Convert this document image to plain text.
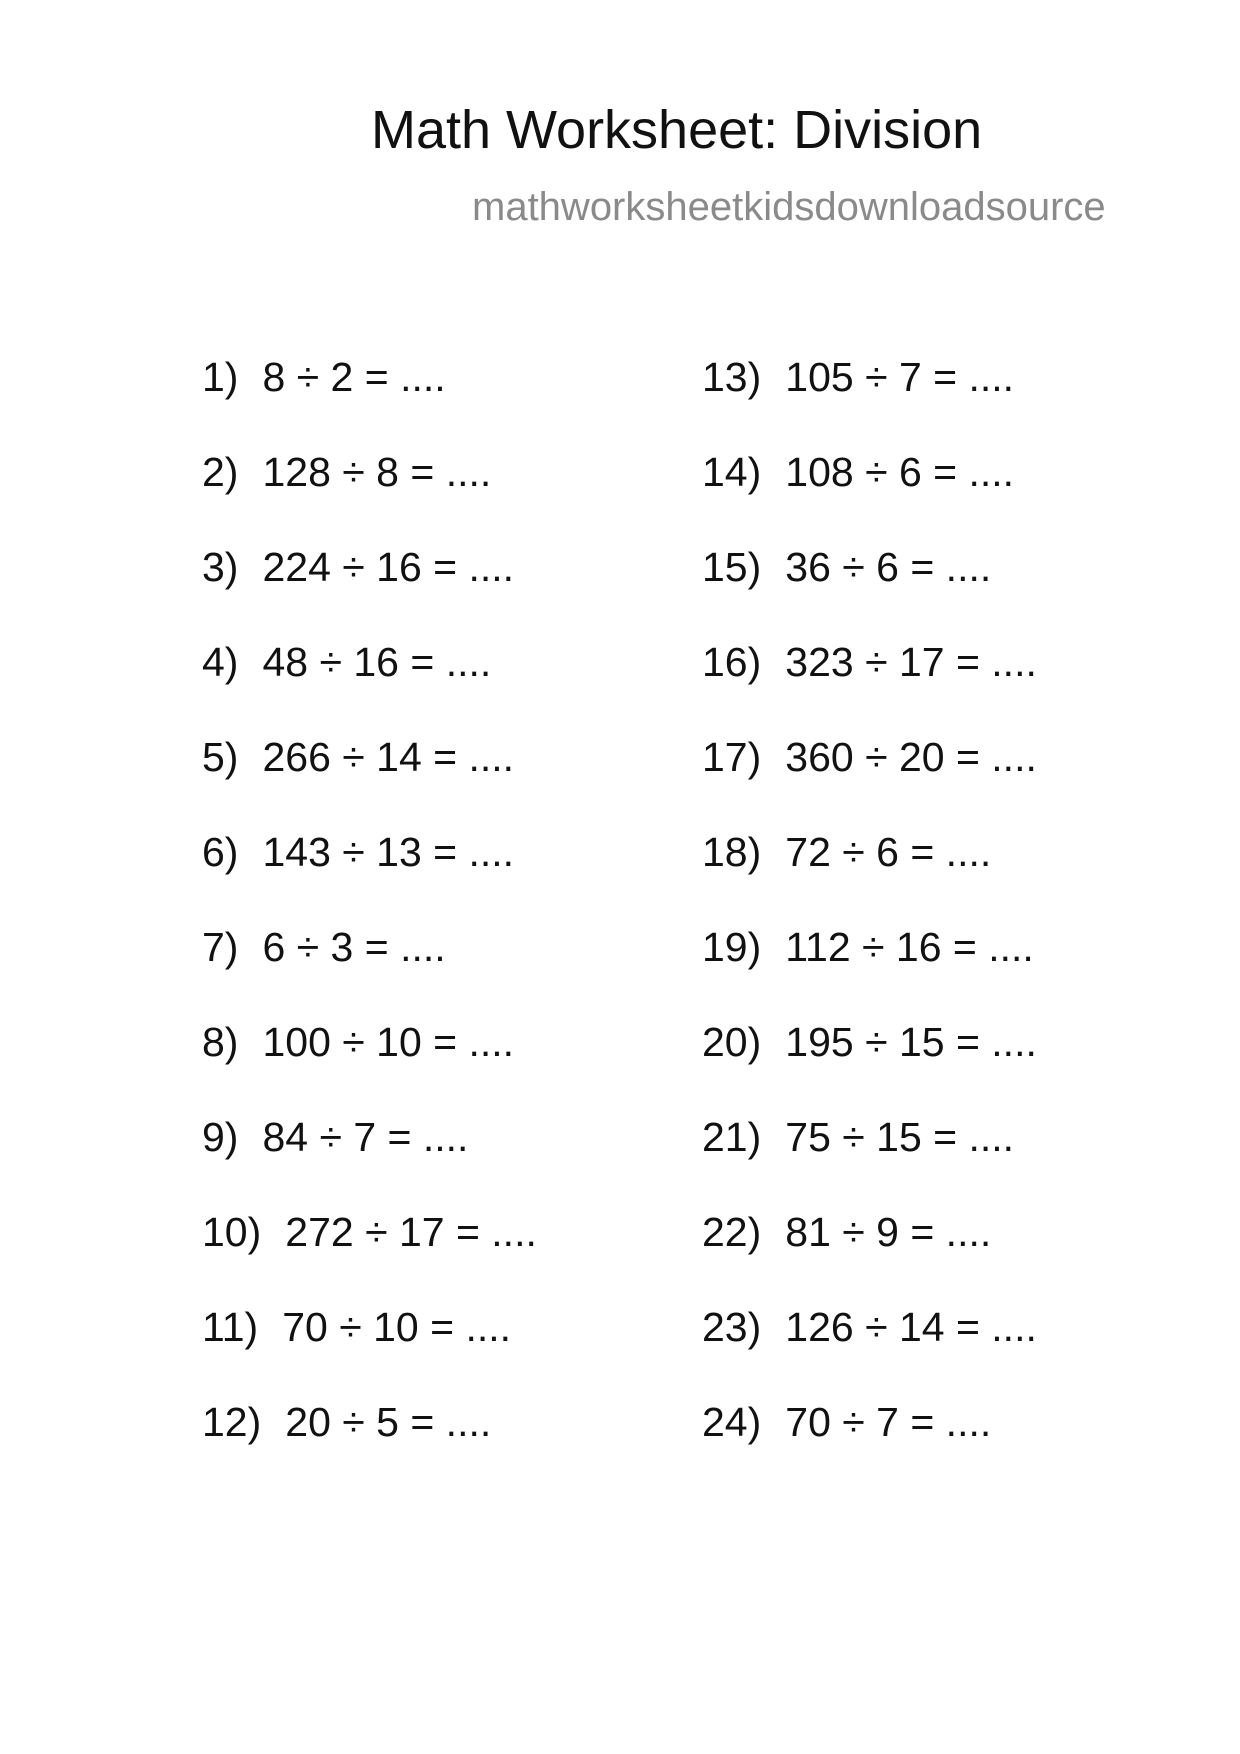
Math Worksheet: Division
mathworksheetkidsdownloadsource
1) 8 ÷ 2 = ....
2) 128 ÷ 8 = ....
3) 224 ÷ 16 = ....
4) 48 ÷ 16 = ....
5) 266 ÷ 14 = ....
6) 143 ÷ 13 = ....
7) 6 ÷ 3 = ....
8) 100 ÷ 10 = ....
9) 84 ÷ 7 = ....
10) 272 ÷ 17 = ....
11) 70 ÷ 10 = ....
12) 20 ÷ 5 = ....
13) 105 ÷ 7 = ....
14) 108 ÷ 6 = ....
15) 36 ÷ 6 = ....
16) 323 ÷ 17 = ....
17) 360 ÷ 20 = ....
18) 72 ÷ 6 = ....
19) 112 ÷ 16 = ....
20) 195 ÷ 15 = ....
21) 75 ÷ 15 = ....
22) 81 ÷ 9 = ....
23) 126 ÷ 14 = ....
24) 70 ÷ 7 = ....
